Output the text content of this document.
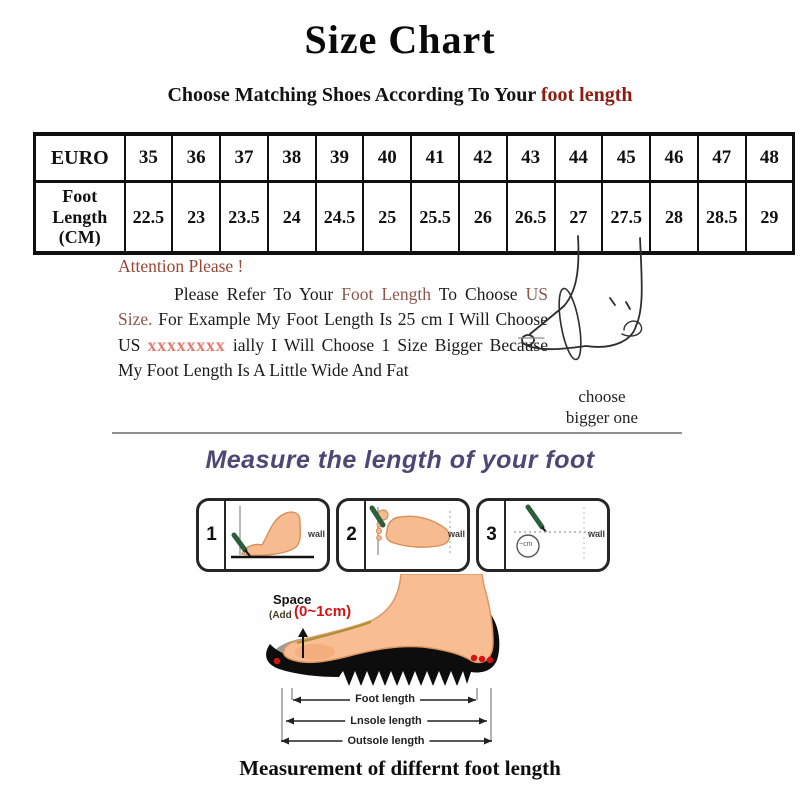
Size Chart
Choose Matching Shoes According To Your foot length
EURO	35	36	37	38	39	40	41	42	43	44	45	46	47	48
Foot Length (CM)	22.5	23	23.5	24	24.5	25	25.5	26	26.5	27	27.5	28	28.5	29
Attention Please !

Please Refer To Your Foot Length To Choose US Size. For Example My Foot Length Is 25 cm I Will Choose US xxxxxxxx ially I Will Choose 1 Size Bigger Because My Foot Length Is A Little Wide And Fat

choose
bigger one
Measure the length of your foot
1	wall	2	wall	3	~cm
wall
Space
(Add (0~1cm)
Foot length
Lnsole length
Outsole length
Measurement of differnt foot length
